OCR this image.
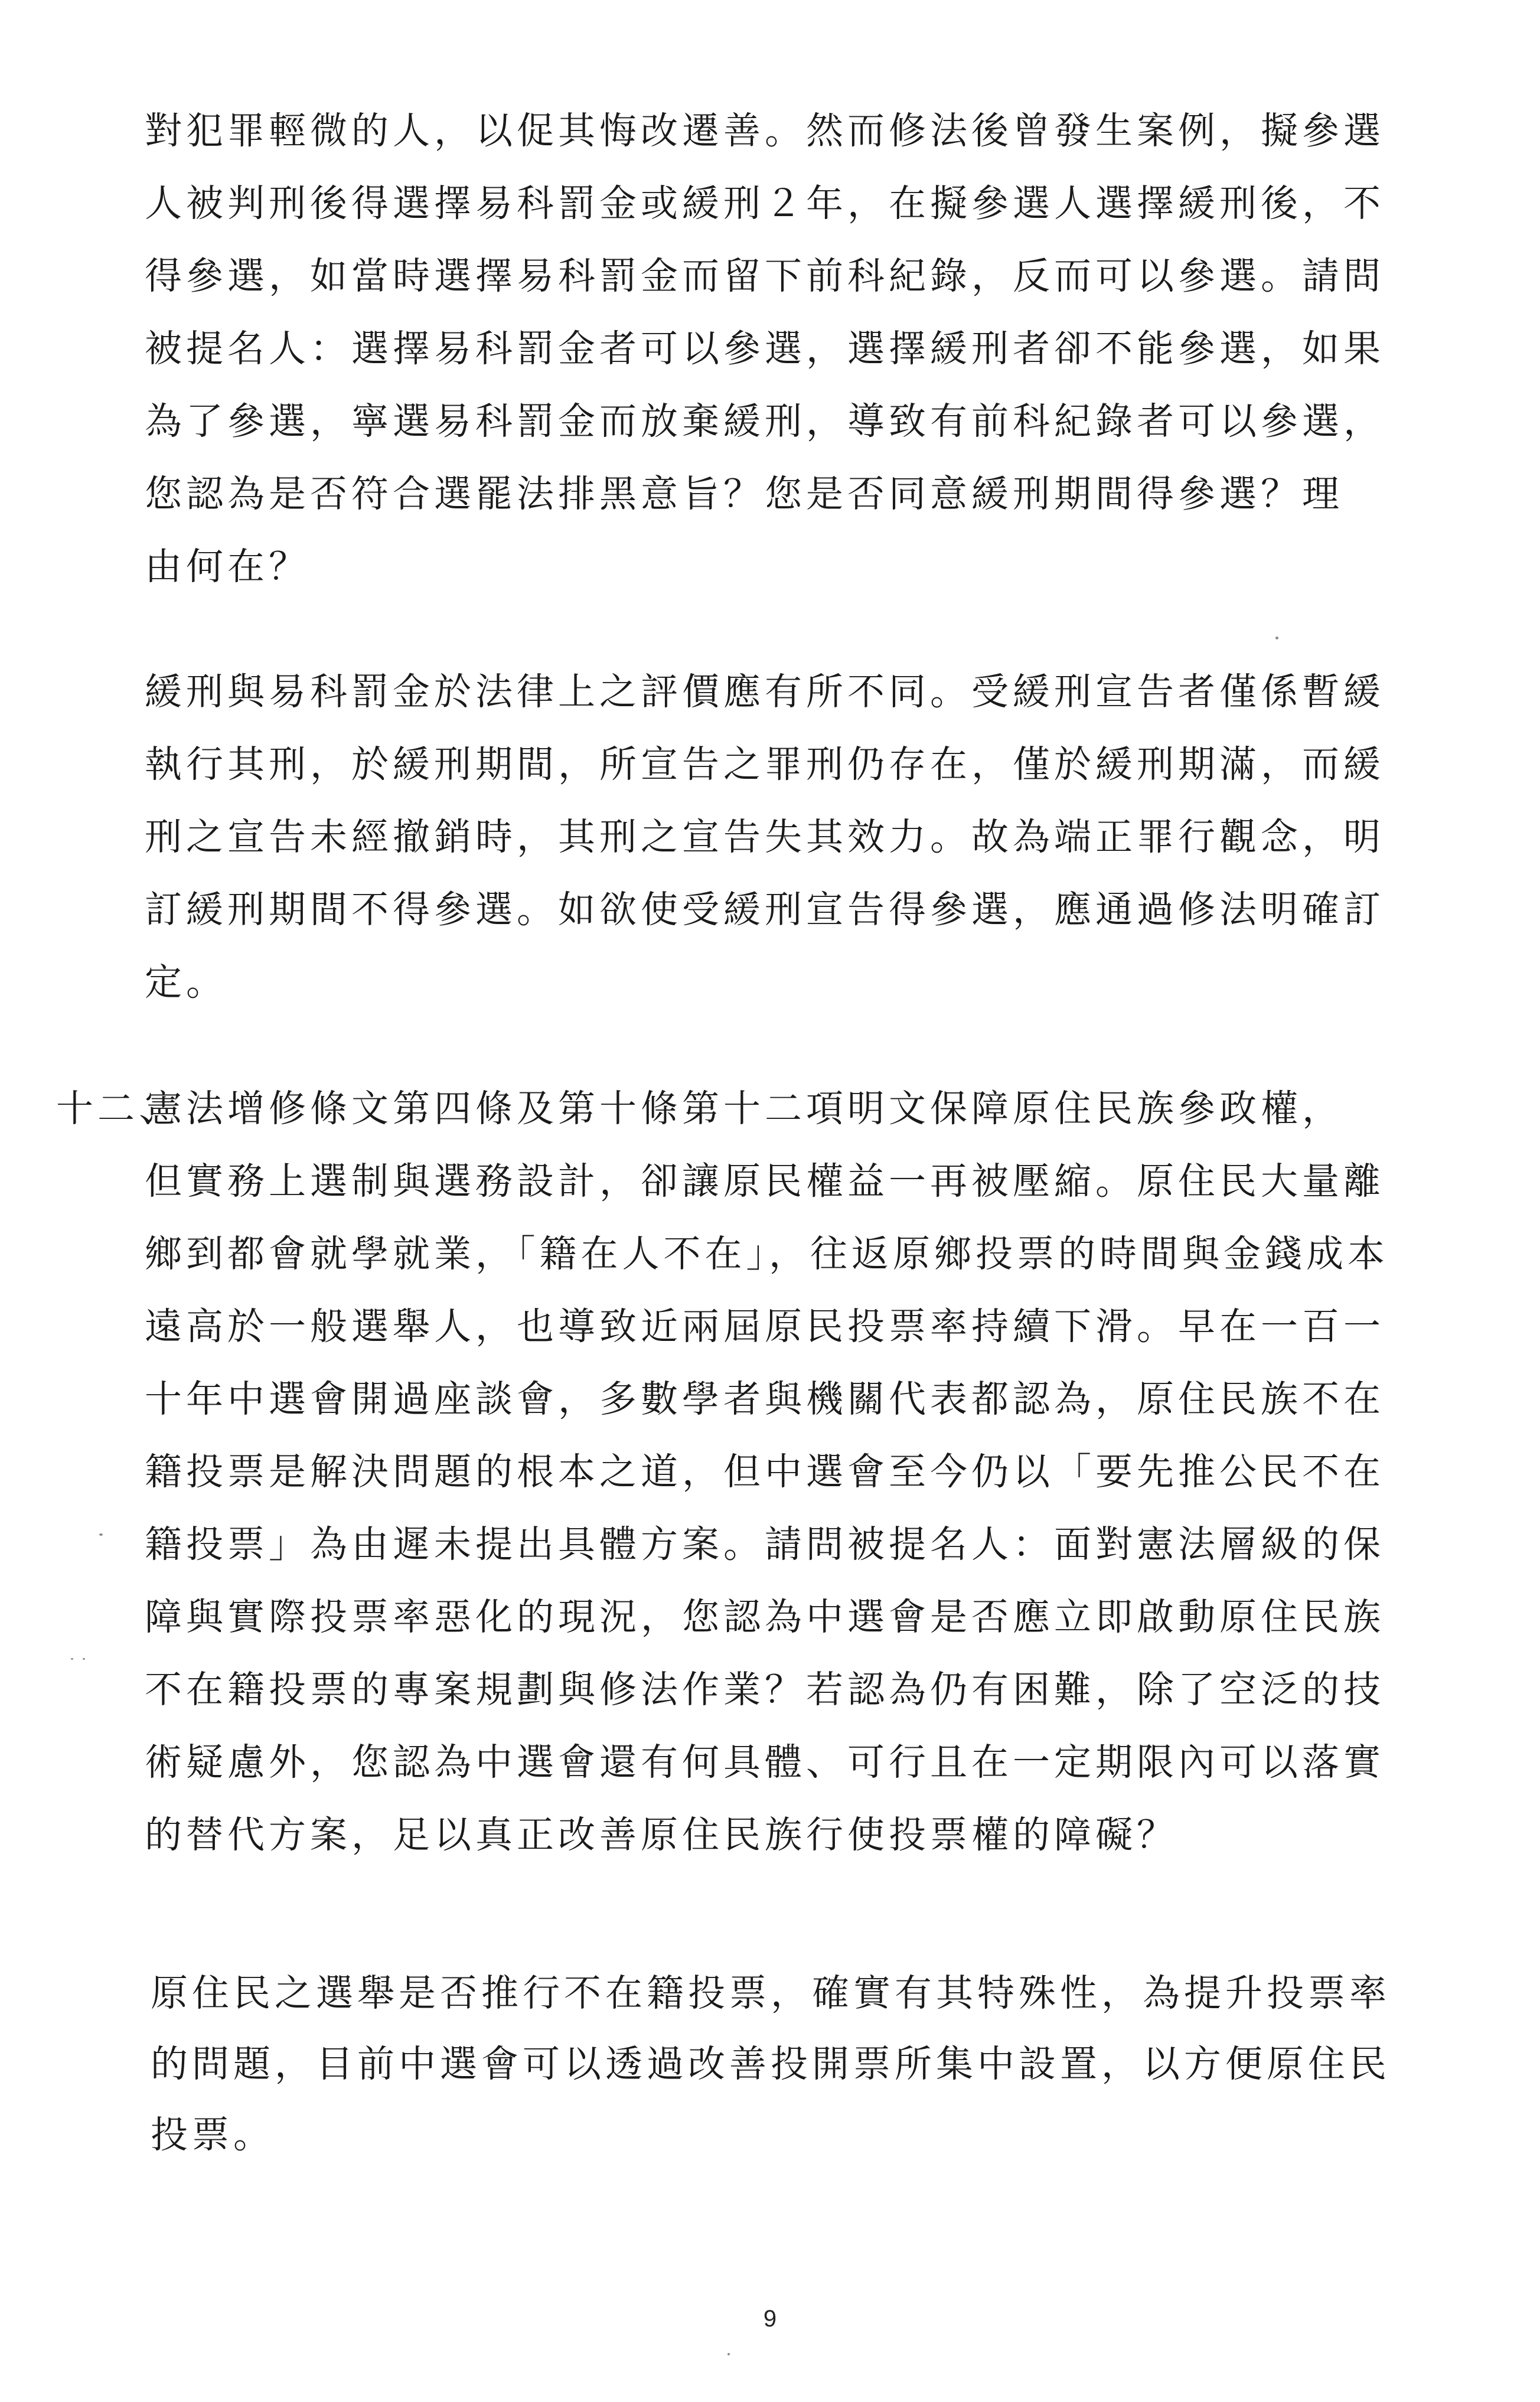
對犯罪輕微的人，以促其悔改遷善。然而修法後曾發生案例，擬參選
人被判刑後得選擇易科罰金或緩刑２年，在擬參選人選擇緩刑後，不
得參選，如當時選擇易科罰金而留下前科紀錄，反而可以參選。請問
被提名人：選擇易科罰金者可以參選，選擇緩刑者卻不能參選，如果
為了參選，寧選易科罰金而放棄緩刑，導致有前科紀錄者可以參選，
您認為是否符合選罷法排黑意旨？您是否同意緩刑期間得參選？理
由何在？
緩刑與易科罰金於法律上之評價應有所不同。受緩刑宣告者僅係暫緩
執行其刑，於緩刑期間，所宣告之罪刑仍存在，僅於緩刑期滿，而緩
刑之宣告未經撤銷時，其刑之宣告失其效力。故為端正罪行觀念，明
訂緩刑期間不得參選。如欲使受緩刑宣告得參選，應通過修法明確訂
定。
十二、
憲法增修條文第四條及第十條第十二項明文保障原住民族參政權，
但實務上選制與選務設計，卻讓原民權益一再被壓縮。原住民大量離
鄉到都會就學就業，「籍在人不在」，往返原鄉投票的時間與金錢成本
遠高於一般選舉人，也導致近兩屆原民投票率持續下滑。早在一百一
十年中選會開過座談會，多數學者與機關代表都認為，原住民族不在
籍投票是解決問題的根本之道，但中選會至今仍以「要先推公民不在
籍投票」為由遲未提出具體方案。請問被提名人：面對憲法層級的保
障與實際投票率惡化的現況，您認為中選會是否應立即啟動原住民族
不在籍投票的專案規劃與修法作業？若認為仍有困難，除了空泛的技
術疑慮外，您認為中選會還有何具體、可行且在一定期限內可以落實
的替代方案，足以真正改善原住民族行使投票權的障礙？
原住民之選舉是否推行不在籍投票，確實有其特殊性，為提升投票率
的問題，目前中選會可以透過改善投開票所集中設置，以方便原住民
投票。
9
